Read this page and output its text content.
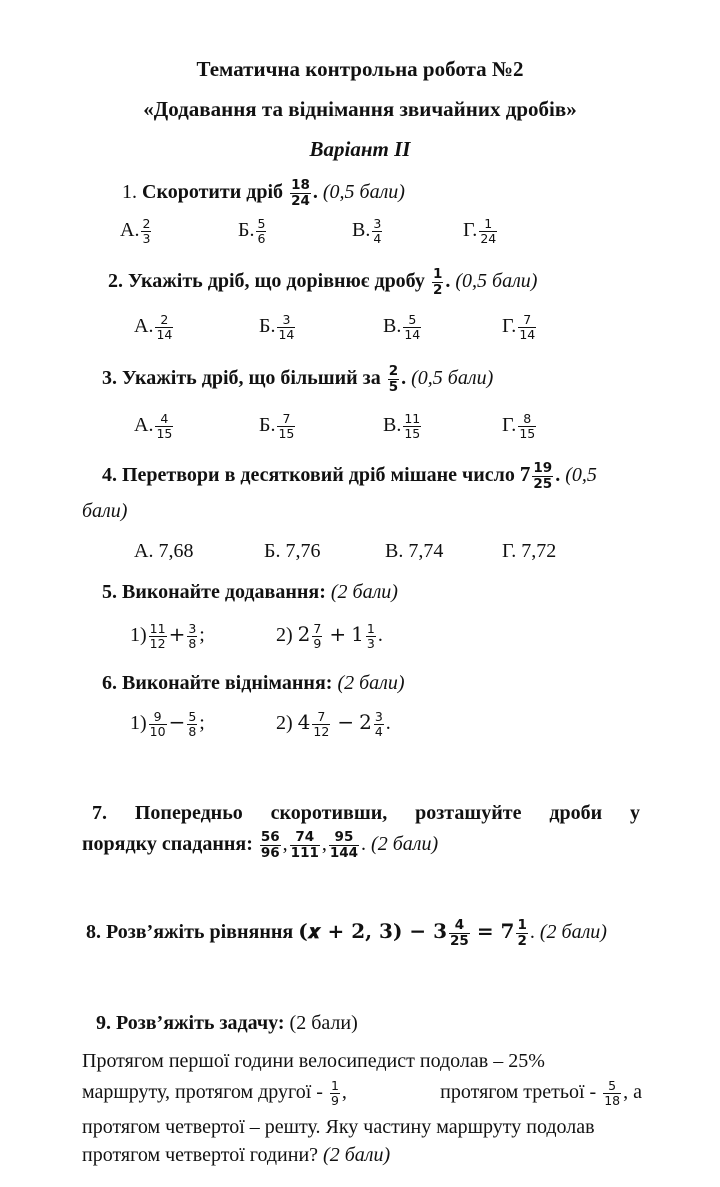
Тематична контрольна робота №2
«Додавання та віднімання звичайних дробів»
Варіант ІІ
1. Скоротити дріб $\frac{18}{24}$ . (0,5 бали)
А. $\frac{2}{3}$	Б. $\frac{5}{6}$	В. $\frac{3}{4}$	Г. $\frac{1}{24}$
2. Укажіть дріб, що дорівнює дробу $\frac{1}{2}$ . (0,5 бали)
А. $\frac{2}{14}$	Б. $\frac{3}{14}$	В. $\frac{5}{14}$	Г. $\frac{7}{14}$
3. Укажіть дріб, що більший за $\frac{2}{5}$ . (0,5 бали)
А. $\frac{4}{15}$	Б. $\frac{7}{15}$	В. $\frac{11}{15}$	Г. $\frac{8}{15}$
4. Перетвори в десятковий дріб мішане число $7 \frac{19}{25}$ . (0,5
бали)
А. 7,68	Б. 7,76	В. 7,74	Г. 7,72
5. Виконайте додавання: (2 бали)
$1) \frac{11}{12} + \frac{3}{8}$ ;	2) $2 \frac{7}{9} + 1 \frac{1}{3}$ .
6. Виконайте віднімання: (2 бали)
$1) \frac{9}{10} - \frac{5}{8}$ ;	2) $4 \frac{7}{12} - 2 \frac{3}{4}$ .
7. Попередньо скоротивши, розташуйте дроби у
порядку спадання: $\frac{56}{96}$ , $\frac{74}{111}$ , $\frac{95}{144}$ . (2 бали)
8. Розв’яжіть рівняння (𝒙 + 𝟐, 𝟑) − 𝟑 $\frac{4}{25}$ = 𝟕 $\frac{1}{2}$ . (2 бали)
9. Розв’яжіть задачу: (2 бали)
Протягом першої години велосипедист подолав – 25%
маршруту, протягом другої - $\frac{1}{9}$ ,	протягом третьої - $\frac{5}{18}$ , а
протягом четвертої – решту. Яку частину маршруту подолав
протягом четвертої години? (2 бали)
